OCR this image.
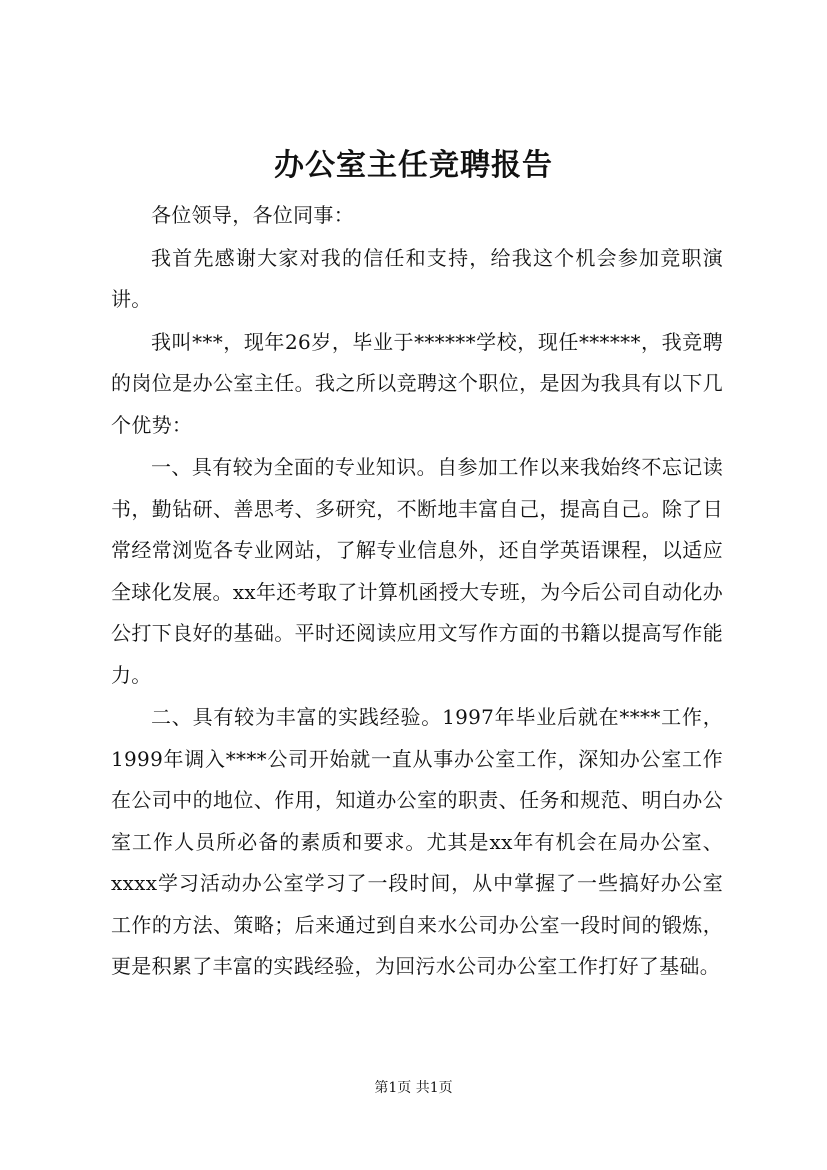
办公室主任竞聘报告

各位领导，各位同事：

我首先感谢大家对我的信任和支持，给我这个机会参加竞职演讲。

我叫***，现年26岁，毕业于******学校，现任******，我竞聘的岗位是办公室主任。我之所以竞聘这个职位，是因为我具有以下几个优势：

一、具有较为全面的专业知识。自参加工作以来我始终不忘记读书，勤钻研、善思考、多研究，不断地丰富自己，提高自己。除了日常经常浏览各专业网站，了解专业信息外，还自学英语课程，以适应全球化发展。xx年还考取了计算机函授大专班，为今后公司自动化办公打下良好的基础。平时还阅读应用文写作方面的书籍以提高写作能力。

二、具有较为丰富的实践经验。1997年毕业后就在****工作，1999年调入****公司开始就一直从事办公室工作，深知办公室工作在公司中的地位、作用，知道办公室的职责、任务和规范、明白办公室工作人员所必备的素质和要求。尤其是xx年有机会在局办公室、xxxx学习活动办公室学习了一段时间，从中掌握了一些搞好办公室工作的方法、策略；后来通过到自来水公司办公室一段时间的锻炼，更是积累了丰富的实践经验，为回污水公司办公室工作打好了基础。

第1页 共1页
